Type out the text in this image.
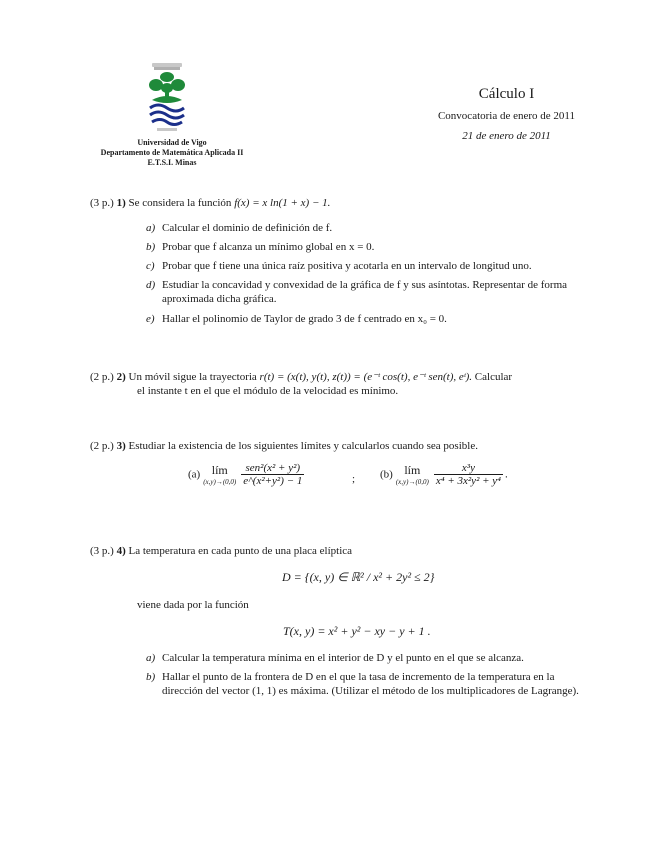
Universidad de Vigo
Departamento de Matemática Aplicada II
E.T.S.I. Minas
Cálculo I
Convocatoria de enero de 2011
21 de enero de 2011
(3 p.) 1) Se considera la función f(x) = x ln(1 + x) − 1.
a) Calcular el dominio de definición de f.
b) Probar que f alcanza un mínimo global en x = 0.
c) Probar que f tiene una única raíz positiva y acotarla en un intervalo de longitud uno.
d) Estudiar la concavidad y convexidad de la gráfica de f y sus asíntotas. Representar de forma aproximada dicha gráfica.
e) Hallar el polinomio de Taylor de grado 3 de f centrado en x₀ = 0.
(2 p.) 2) Un móvil sigue la trayectoria r(t) = (x(t), y(t), z(t)) = (e⁻ᵗ cos(t), e⁻ᵗ sen(t), eᵗ). Calcular
el instante t en el que el módulo de la velocidad es mínimo.
(2 p.) 3) Estudiar la existencia de los siguientes límites y calcularlos cuando sea posible.
(a) lím
(x,y)→(0,0)
$\frac{\text{sen²(x² + y²)}}{\text{e\textasciicircum{}(x²+y²) − 1}}$	; (b) lím
(x,y)→(0,0)
$\frac{\text{x³y}}{\text{x⁴ + 3x²y² + y⁴}}$ .
(3 p.) 4) La temperatura en cada punto de una placa elíptica
D = {(x, y) ∈ ℝ² / x² + 2y² ≤ 2}
viene dada por la función
T(x, y) = x² + y² − xy − y + 1 .
a) Calcular la temperatura mínima en el interior de D y el punto en el que se alcanza.
b) Hallar el punto de la frontera de D en el que la tasa de incremento de la temperatura en la dirección del vector (1, 1) es máxima. (Utilizar el método de los multiplicadores de Lagrange).
